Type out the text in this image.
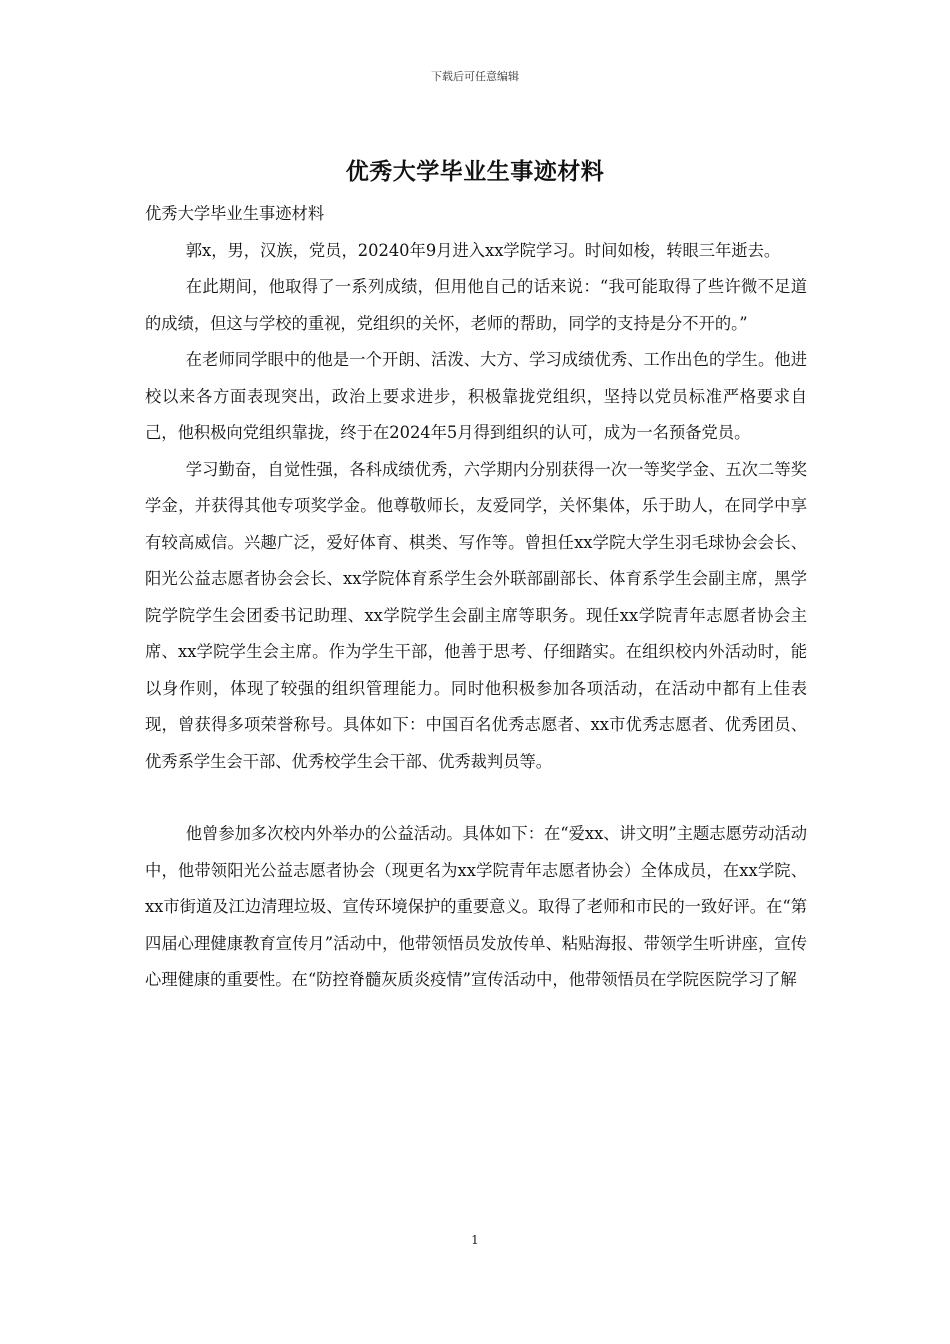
下载后可任意编辑
优秀大学毕业生事迹材料

优秀大学毕业生事迹材料

郭x，男，汉族，党员，20240年9月进入xx学院学习。时间如梭，转眼三年逝去。

在此期间，他取得了一系列成绩，但用他自己的话来说：“我可能取得了些许微不足道的成绩，但这与学校的重视，党组织的关怀，老师的帮助，同学的支持是分不开的。”

在老师同学眼中的他是一个开朗、活泼、大方、学习成绩优秀、工作出色的学生。他进校以来各方面表现突出，政治上要求进步，积极靠拢党组织，坚持以党员标准严格要求自己，他积极向党组织靠拢，终于在2024年5月得到组织的认可，成为一名预备党员。

学习勤奋，自觉性强，各科成绩优秀，六学期内分别获得一次一等奖学金、五次二等奖学金，并获得其他专项奖学金。他尊敬师长，友爱同学，关怀集体，乐于助人，在同学中享有较高威信。兴趣广泛，爱好体育、棋类、写作等。曾担任xx学院大学生羽毛球协会会长、阳光公益志愿者协会会长、xx学院体育系学生会外联部副部长、体育系学生会副主席，黑学院学院学生会团委书记助理、xx学院学生会副主席等职务。现任xx学院青年志愿者协会主席、xx学院学生会主席。作为学生干部，他善于思考、仔细踏实。在组织校内外活动时，能以身作则，体现了较强的组织管理能力。同时他积极参加各项活动，在活动中都有上佳表现，曾获得多项荣誉称号。具体如下：中国百名优秀志愿者、xx市优秀志愿者、优秀团员、优秀系学生会干部、优秀校学生会干部、优秀裁判员等。

他曾参加多次校内外举办的公益活动。具体如下：在“爱xx、讲文明”主题志愿劳动活动中，他带领阳光公益志愿者协会（现更名为xx学院青年志愿者协会）全体成员，在xx学院、xx市街道及江边清理垃圾、宣传环境保护的重要意义。取得了老师和市民的一致好评。在“第四届心理健康教育宣传月”活动中，他带领悟员发放传单、粘贴海报、带领学生听讲座，宣传心理健康的重要性。在“防控脊髓灰质炎疫情”宣传活动中，他带领悟员在学院医院学习了解

1
